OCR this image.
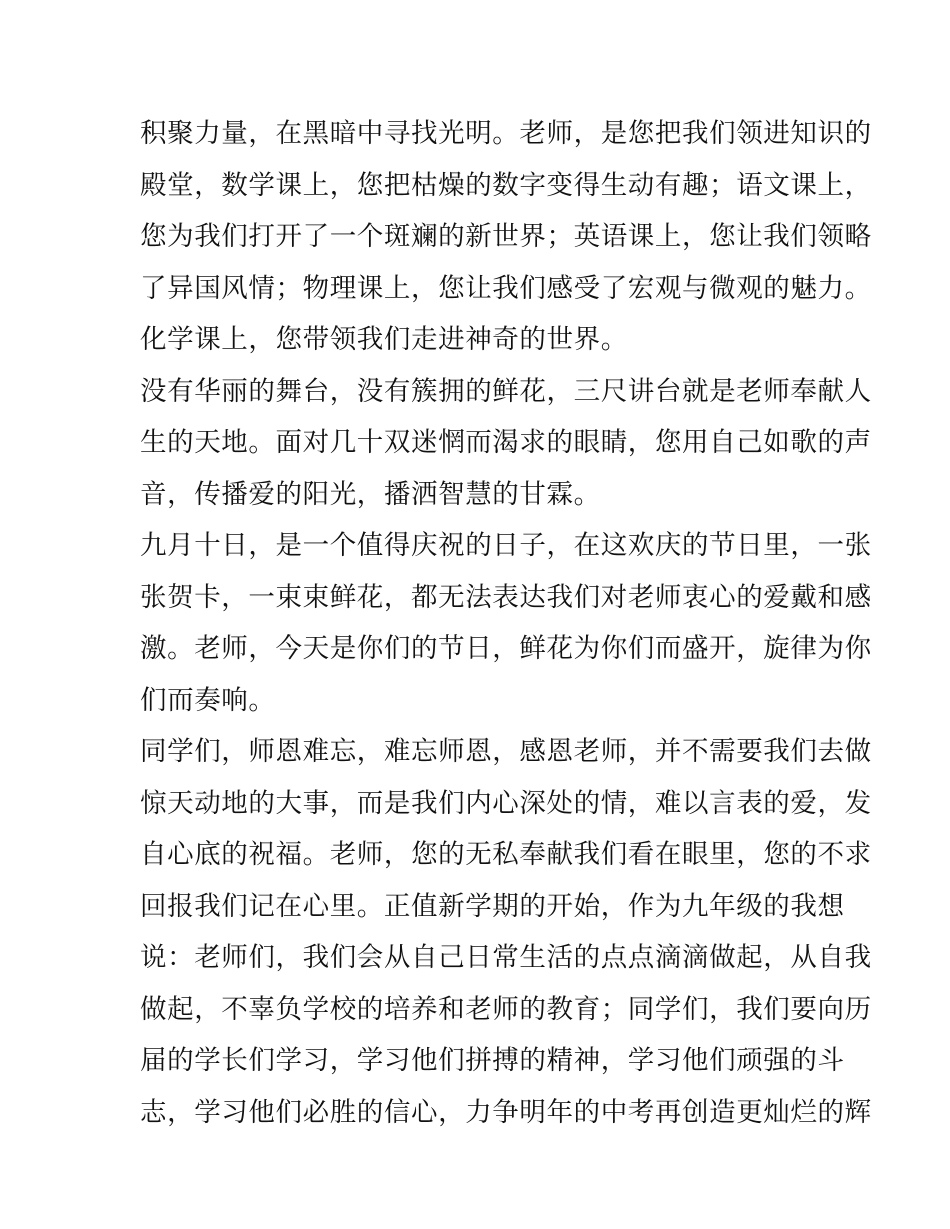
积聚力量，在黑暗中寻找光明。老师，是您把我们领进知识的
殿堂，数学课上，您把枯燥的数字变得生动有趣；语文课上，
您为我们打开了一个斑斓的新世界；英语课上，您让我们领略
了异国风情；物理课上，您让我们感受了宏观与微观的魅力。
化学课上，您带领我们走进神奇的世界。
没有华丽的舞台，没有簇拥的鲜花，三尺讲台就是老师奉献人
生的天地。面对几十双迷惘而渴求的眼睛，您用自己如歌的声
音，传播爱的阳光，播洒智慧的甘霖。
九月十日，是一个值得庆祝的日子，在这欢庆的节日里，一张
张贺卡，一束束鲜花，都无法表达我们对老师衷心的爱戴和感
激。老师，今天是你们的节日，鲜花为你们而盛开，旋律为你
们而奏响。
同学们，师恩难忘，难忘师恩，感恩老师，并不需要我们去做
惊天动地的大事，而是我们内心深处的情，难以言表的爱，发
自心底的祝福。老师，您的无私奉献我们看在眼里，您的不求
回报我们记在心里。正值新学期的开始，作为九年级的我想
说：老师们，我们会从自己日常生活的点点滴滴做起，从自我
做起，不辜负学校的培养和老师的教育；同学们，我们要向历
届的学长们学习，学习他们拼搏的精神，学习他们顽强的斗
志，学习他们必胜的信心，力争明年的中考再创造更灿烂的辉
